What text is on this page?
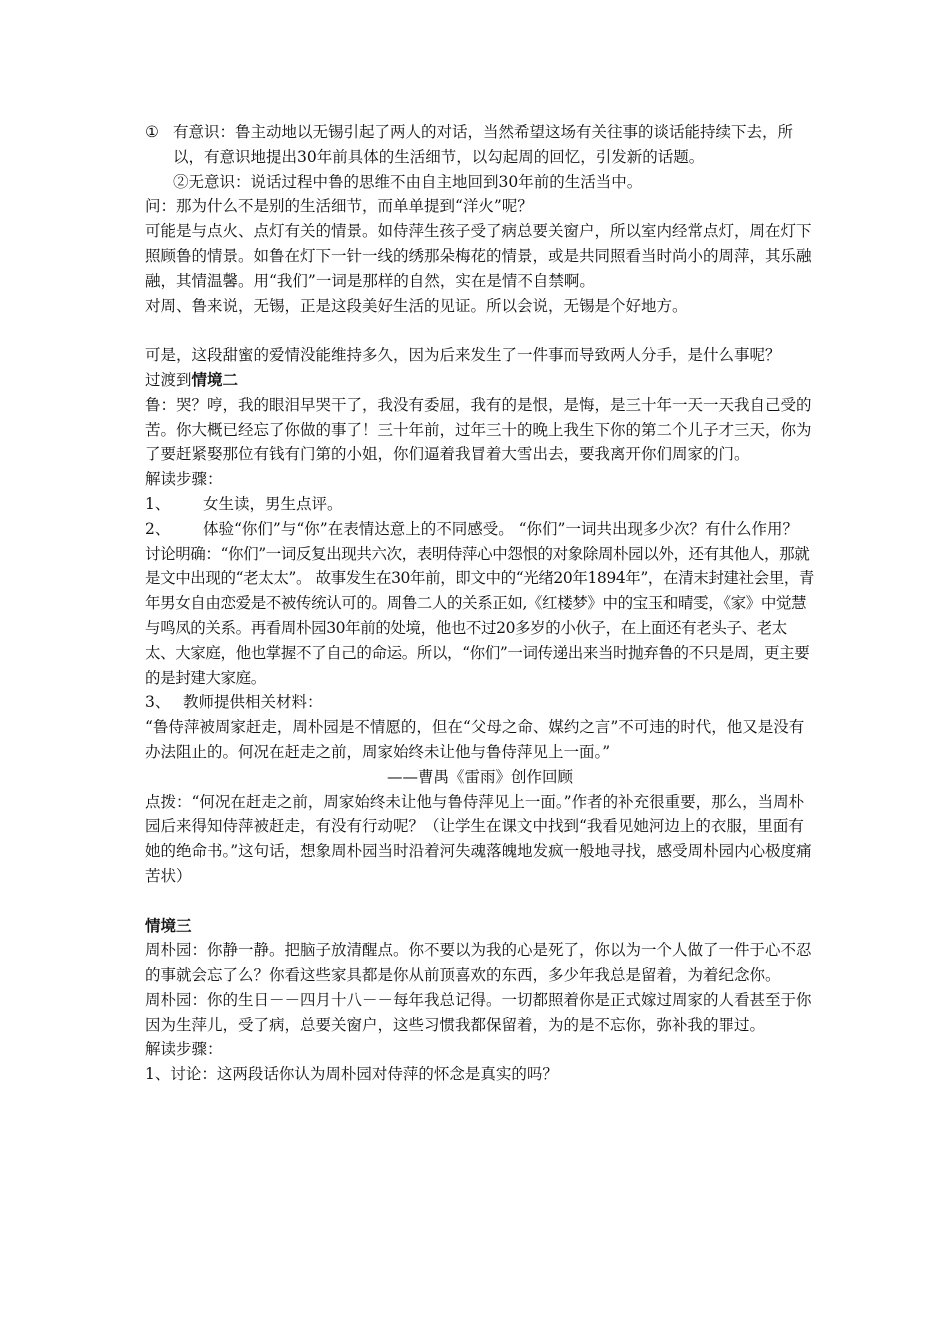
① 有意识：鲁主动地以无锡引起了两人的对话，当然希望这场有关往事的谈话能持续下去，所以，有意识地提出30年前具体的生活细节，以勾起周的回忆，引发新的话题。

②无意识：说话过程中鲁的思维不由自主地回到30年前的生活当中。

问：那为什么不是别的生活细节，而单单提到“洋火”呢？

可能是与点火、点灯有关的情景。如侍萍生孩子受了病总要关窗户，所以室内经常点灯，周在灯下照顾鲁的情景。如鲁在灯下一针一线的绣那朵梅花的情景，或是共同照看当时尚小的周萍，其乐融融，其情温馨。用“我们”一词是那样的自然，实在是情不自禁啊。

对周、鲁来说，无锡，正是这段美好生活的见证。所以会说，无锡是个好地方。

可是，这段甜蜜的爱情没能维持多久，因为后来发生了一件事而导致两人分手，是什么事呢？

过渡到情境二

鲁：哭？哼，我的眼泪早哭干了，我没有委屈，我有的是恨，是悔，是三十年一天一天我自己受的苦。你大概已经忘了你做的事了！三十年前，过年三十的晚上我生下你的第二个儿子才三天，你为了要赶紧娶那位有钱有门第的小姐，你们逼着我冒着大雪出去，要我离开你们周家的门。

解读步骤：

1、	女生读，男生点评。
2、 体验“你们”与“你”在表情达意上的不同感受。 “你们”一词共出现多少次？有什么作用？

讨论明确：“你们”一词反复出现共六次，表明侍萍心中怨恨的对象除周朴园以外，还有其他人，那就是文中出现的“老太太”。 故事发生在30年前，即文中的“光绪20年1894年”，在清末封建社会里，青年男女自由恋爱是不被传统认可的。周鲁二人的关系正如,《红楼梦》中的宝玉和晴雯，《家》中觉慧与鸣凤的关系。再看周朴园30年前的处境，他也不过20多岁的小伙子，在上面还有老头子、老太太、大家庭，他也掌握不了自己的命运。所以，“你们”一词传递出来当时抛弃鲁的不只是周，更主要的是封建大家庭。

3、 教师提供相关材料：

“鲁侍萍被周家赶走，周朴园是不情愿的，但在“父母之命、媒约之言”不可违的时代，他又是没有办法阻止的。何况在赶走之前，周家始终未让他与鲁侍萍见上一面。”

——曹禺《雷雨》创作回顾

点拨：“何况在赶走之前，周家始终未让他与鲁侍萍见上一面。”作者的补充很重要，那么，当周朴园后来得知侍萍被赶走，有没有行动呢？（让学生在课文中找到“我看见她河边上的衣服，里面有她的绝命书。”这句话，想象周朴园当时沿着河失魂落魄地发疯一般地寻找，感受周朴园内心极度痛苦状）

情境三

周朴园：你静一静。把脑子放清醒点。你不要以为我的心是死了，你以为一个人做了一件于心不忍的事就会忘了么？你看这些家具都是你从前顶喜欢的东西，多少年我总是留着，为着纪念你。

周朴园：你的生日－－四月十八－－每年我总记得。一切都照着你是正式嫁过周家的人看甚至于你因为生萍儿，受了病，总要关窗户，这些习惯我都保留着，为的是不忘你，弥补我的罪过。

解读步骤：

1、讨论：这两段话你认为周朴园对侍萍的怀念是真实的吗？
